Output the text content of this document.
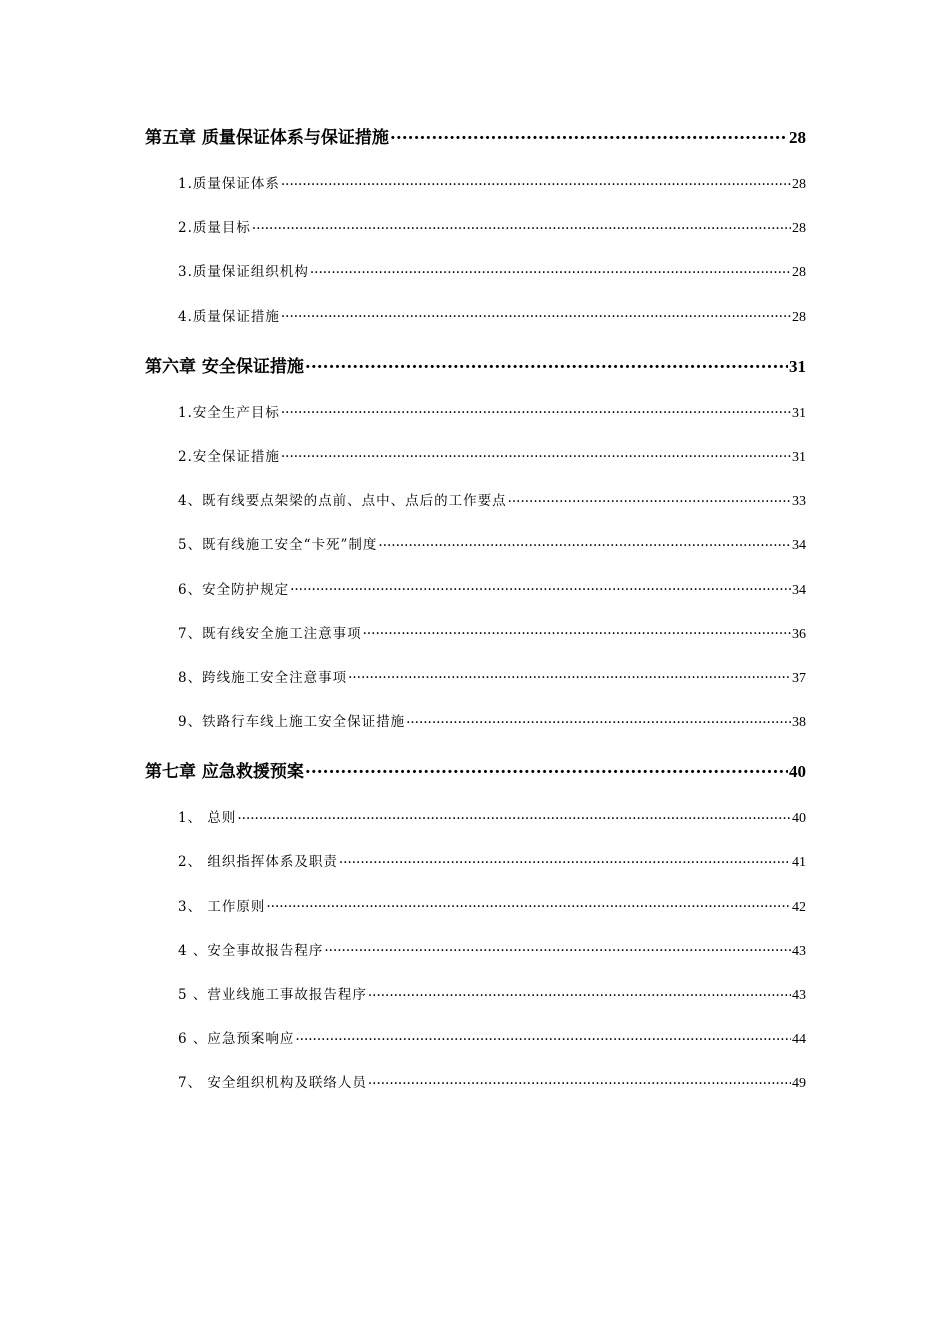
第五章 质量保证体系与保证措施 .....	28
1.质量保证体系 .....	28
2.质量目标 .....	28
3.质量保证组织机构 .....	28
4.质量保证措施 .....	28
第六章 安全保证措施 .....	31
1.安全生产目标 .....	31
2.安全保证措施 .....	31
4、既有线要点架梁的点前、点中、点后的工作要点 .....	33
5、既有线施工安全“卡死”制度 .....	34
6、安全防护规定 .....	34
7、既有线安全施工注意事项 .....	36
8、跨线施工安全注意事项 .....	37
9、铁路行车线上施工安全保证措施 .....	38
第七章 应急救援预案 .....	40
1、 总则 .....	40
2、 组织指挥体系及职责 .....	41
3、 工作原则 .....	42
4 、安全事故报告程序 .....	43
5 、营业线施工事故报告程序 .....	43
6 、应急预案响应 .....	44
7、 安全组织机构及联络人员 .....	49
